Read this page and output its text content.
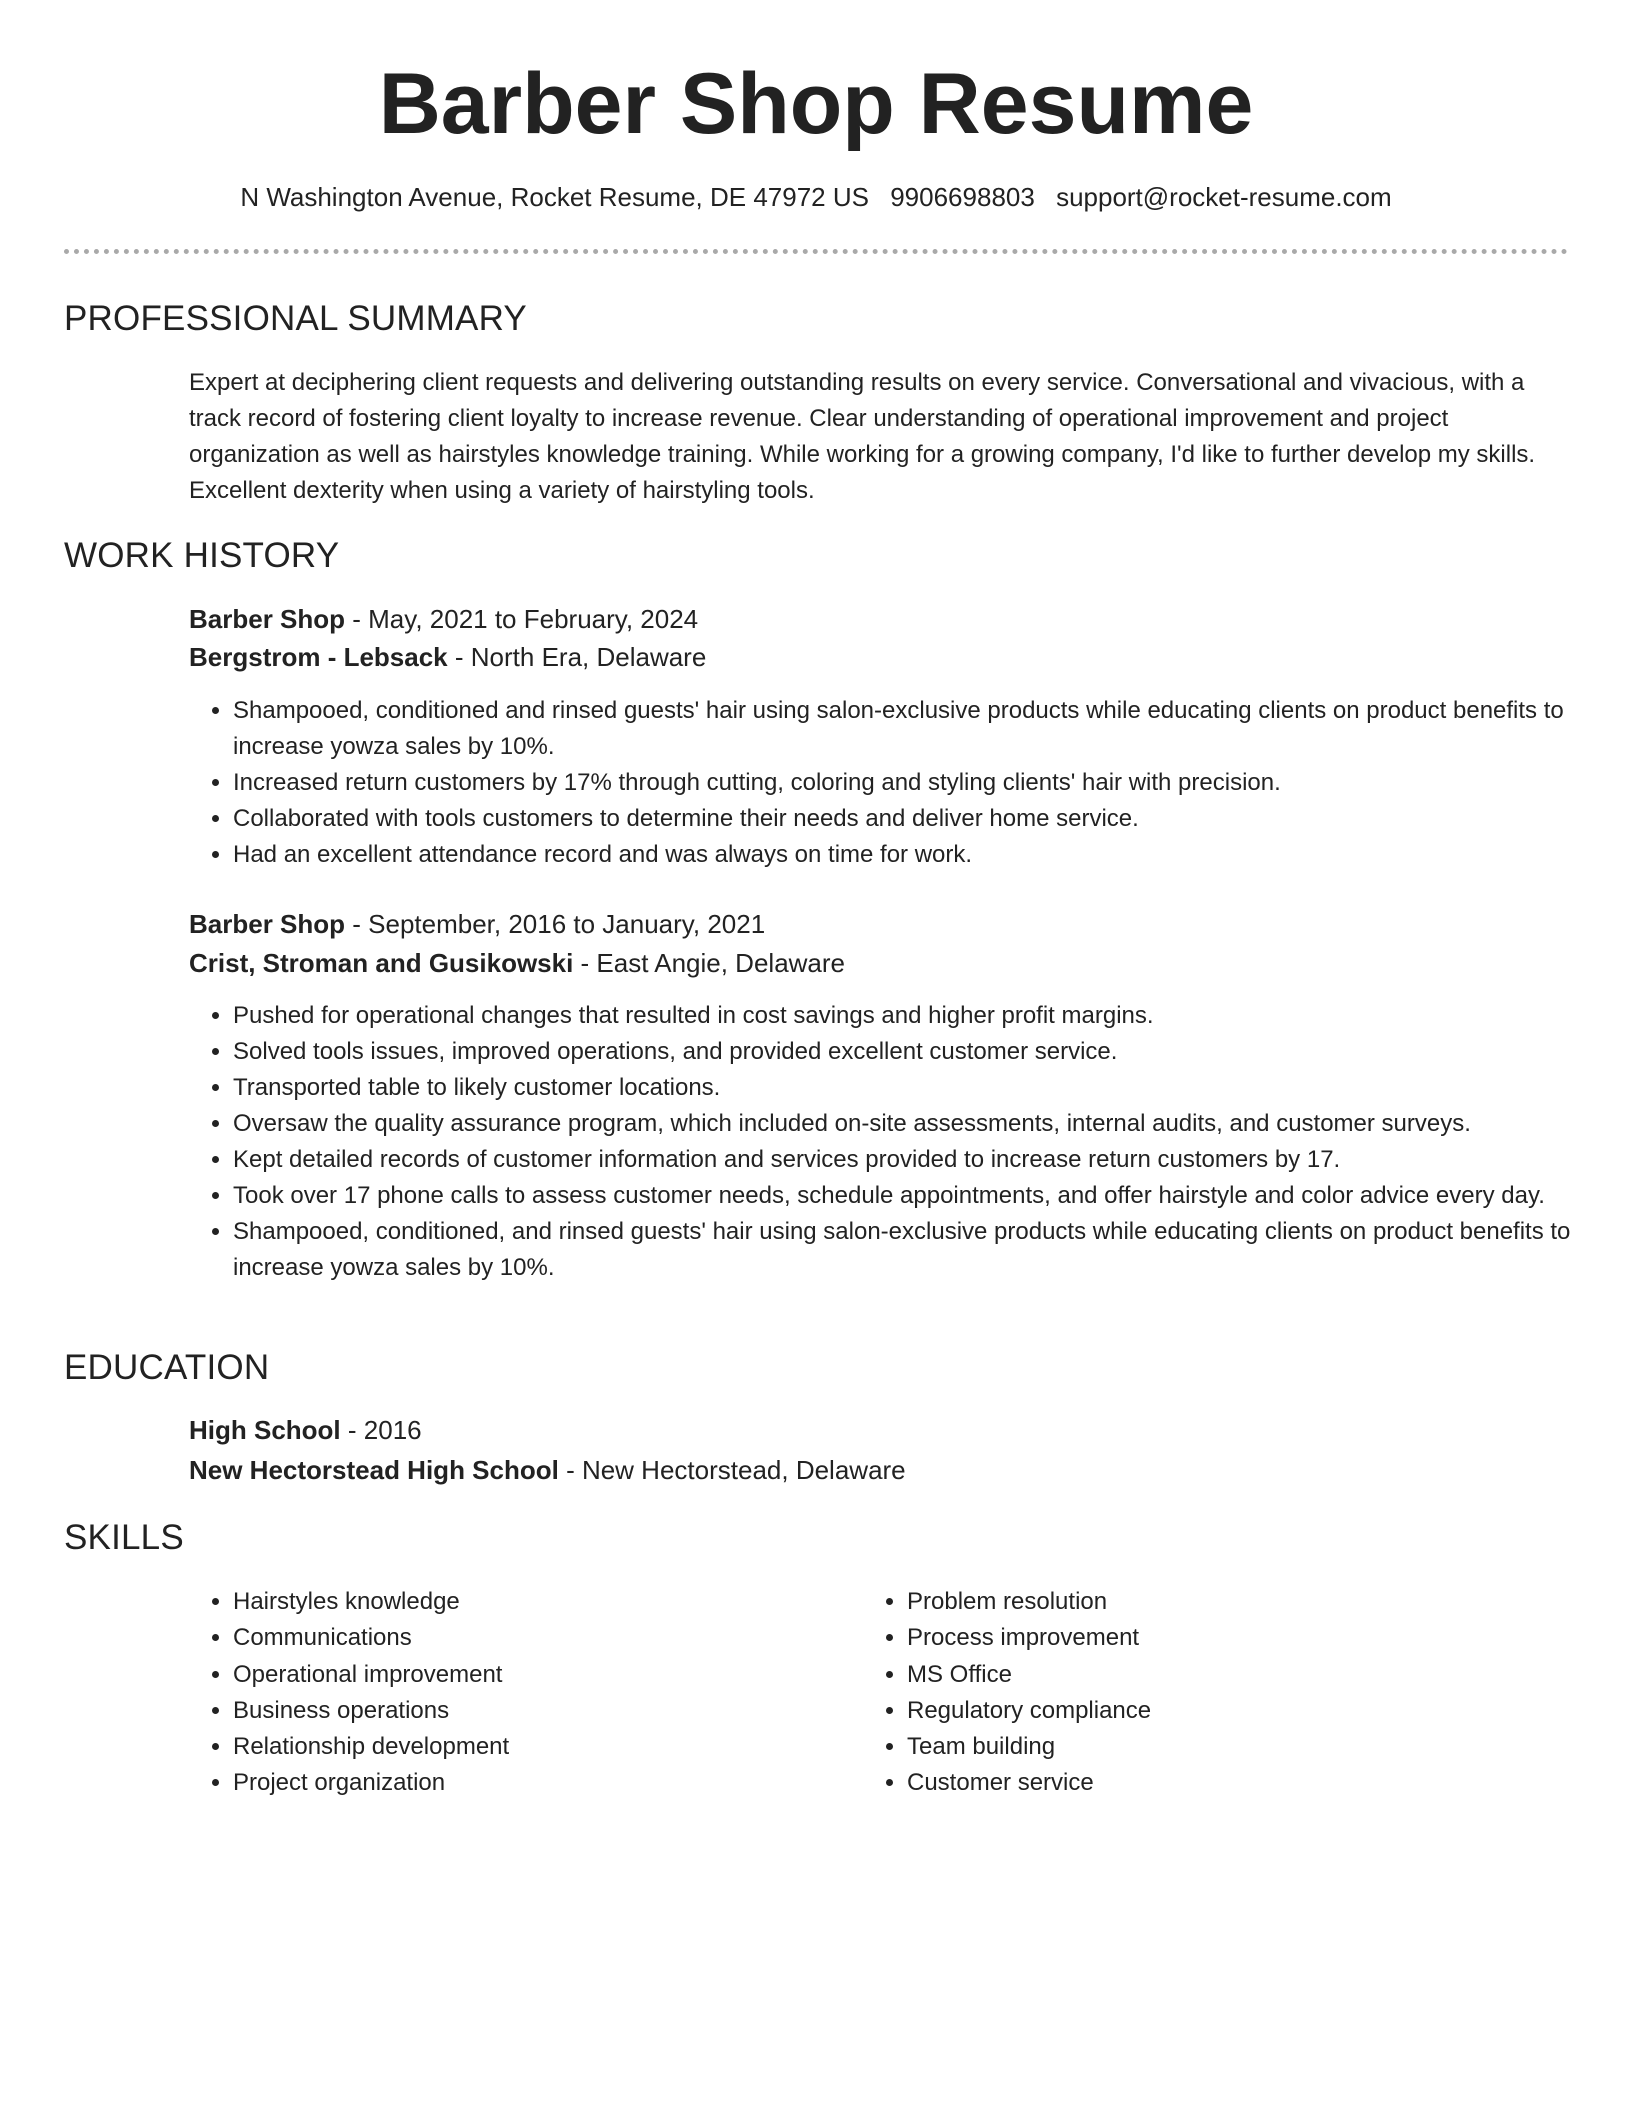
Barber Shop Resume
N Washington Avenue, Rocket Resume, DE 47972 US 9906698803 support@rocket-resume.com
PROFESSIONAL SUMMARY

Expert at deciphering client requests and delivering outstanding results on every service. Conversational and vivacious, with a track record of fostering client loyalty to increase revenue. Clear understanding of operational improvement and project organization as well as hairstyles knowledge training. While working for a growing company, I'd like to further develop my skills. Excellent dexterity when using a variety of hairstyling tools.

WORK HISTORY
Barber Shop - May, 2021 to February, 2024
Bergstrom - Lebsack - North Era, Delaware
• Shampooed, conditioned and rinsed guests' hair using salon-exclusive products while educating clients on product benefits to increase yowza sales by 10%.
• Increased return customers by 17% through cutting, coloring and styling clients' hair with precision.
• Collaborated with tools customers to determine their needs and deliver home service.
• Had an excellent attendance record and was always on time for work.
Barber Shop - September, 2016 to January, 2021
Crist, Stroman and Gusikowski - East Angie, Delaware
• Pushed for operational changes that resulted in cost savings and higher profit margins.
• Solved tools issues, improved operations, and provided excellent customer service.
• Transported table to likely customer locations.
• Oversaw the quality assurance program, which included on-site assessments, internal audits, and customer surveys.
• Kept detailed records of customer information and services provided to increase return customers by 17.
• Took over 17 phone calls to assess customer needs, schedule appointments, and offer hairstyle and color advice every day.
• Shampooed, conditioned, and rinsed guests' hair using salon-exclusive products while educating clients on product benefits to increase yowza sales by 10%.
EDUCATION
High School - 2016
New Hectorstead High School - New Hectorstead, Delaware
SKILLS
• Hairstyles knowledge
• Communications
• Operational improvement
• Business operations
• Relationship development
• Project organization
• Problem resolution
• Process improvement
• MS Office
• Regulatory compliance
• Team building
• Customer service
